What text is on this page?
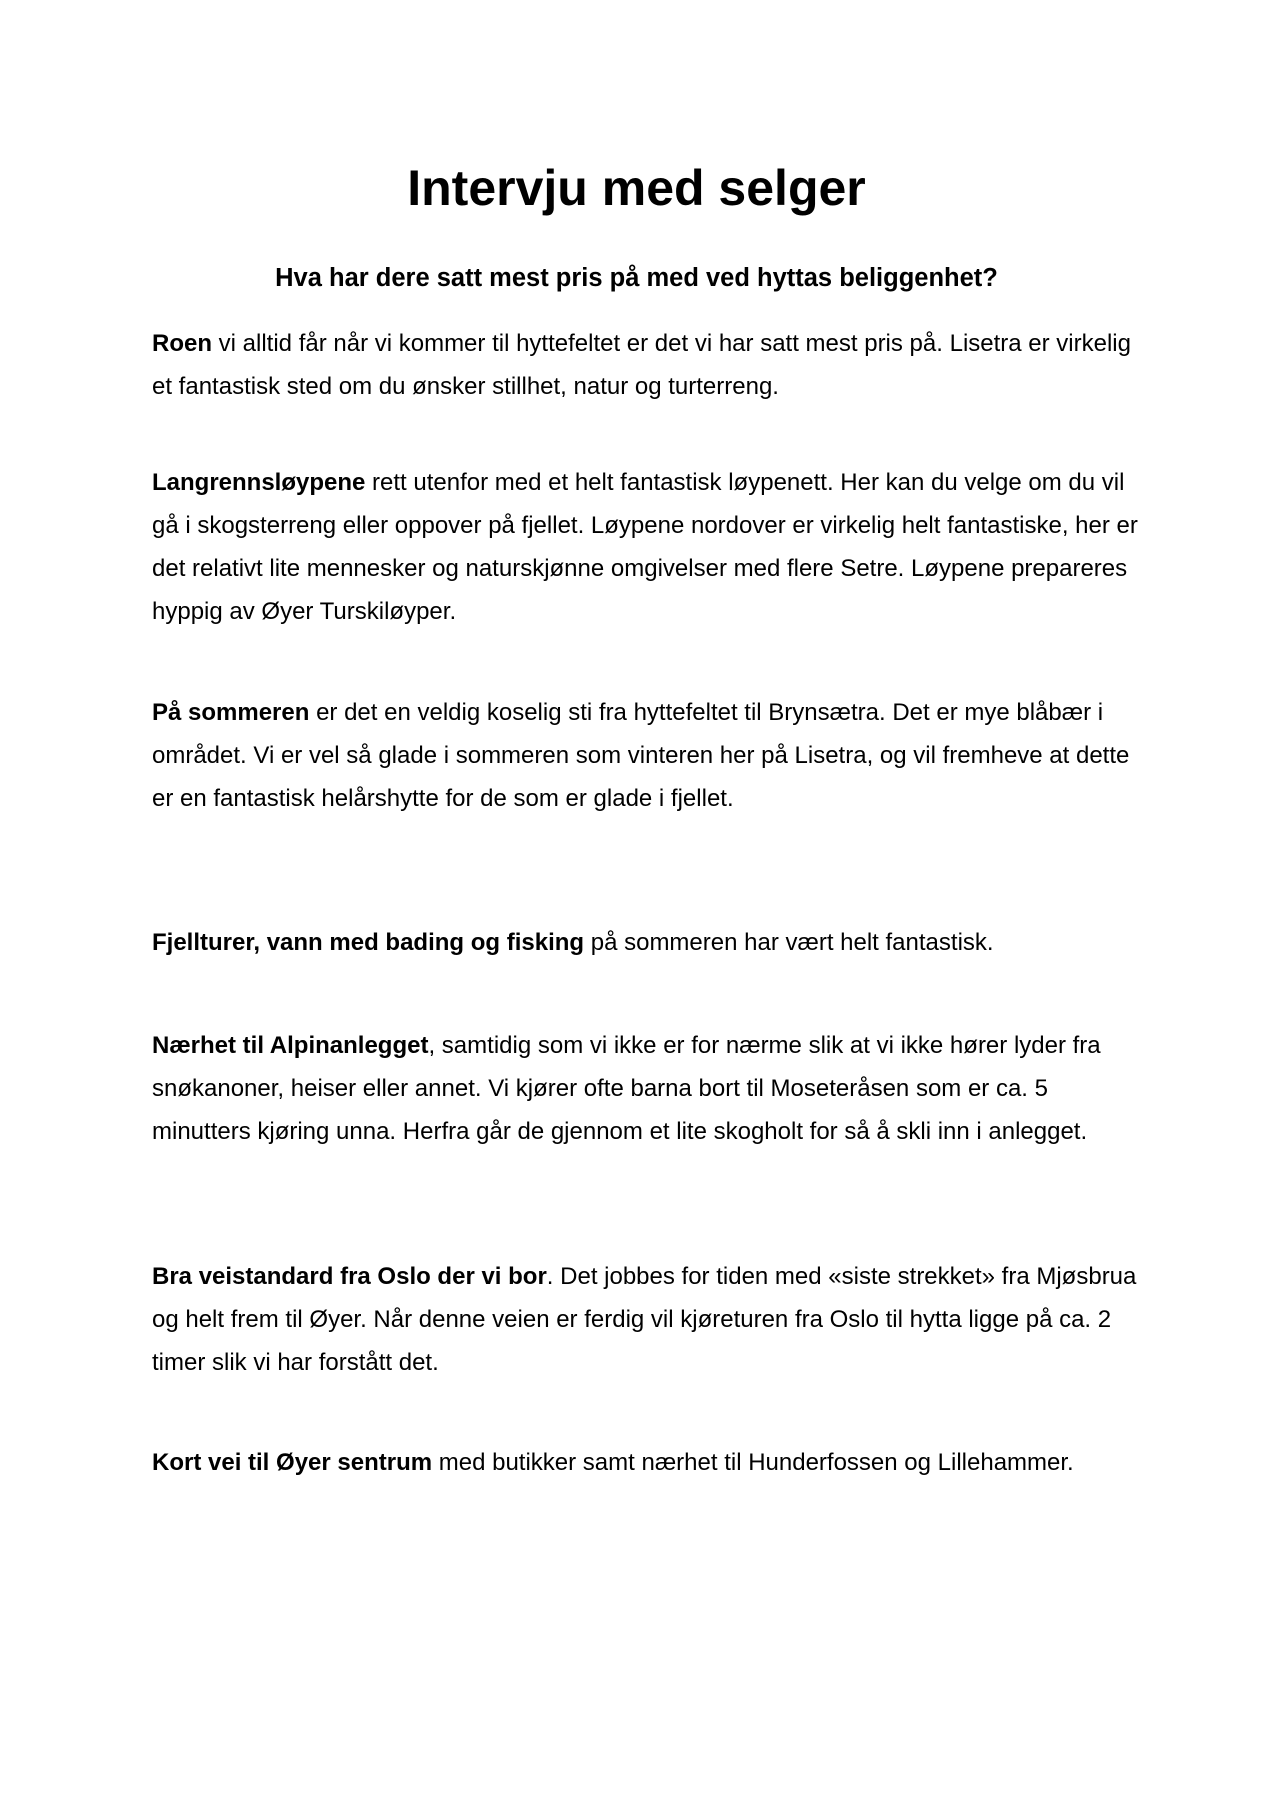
Intervju med selger
Hva har dere satt mest pris på med ved hyttas beliggenhet?

Roen vi alltid får når vi kommer til hyttefeltet er det vi har satt mest pris på. Lisetra er virkelig et fantastisk sted om du ønsker stillhet, natur og turterreng.

Langrennsløypene rett utenfor med et helt fantastisk løypenett. Her kan du velge om du vil gå i skogsterreng eller oppover på fjellet. Løypene nordover er virkelig helt fantastiske, her er det relativt lite mennesker og naturskjønne omgivelser med flere Setre. Løypene prepareres hyppig av Øyer Turskiløyper.

På sommeren er det en veldig koselig sti fra hyttefeltet til Brynsætra. Det er mye blåbær i området. Vi er vel så glade i sommeren som vinteren her på Lisetra, og vil fremheve at dette er en fantastisk helårshytte for de som er glade i fjellet.

Fjellturer, vann med bading og fisking på sommeren har vært helt fantastisk.

Nærhet til Alpinanlegget, samtidig som vi ikke er for nærme slik at vi ikke hører lyder fra snøkanoner, heiser eller annet. Vi kjører ofte barna bort til Moseteråsen som er ca. 5 minutters kjøring unna. Herfra går de gjennom et lite skogholt for så å skli inn i anlegget.

Bra veistandard fra Oslo der vi bor. Det jobbes for tiden med «siste strekket» fra Mjøsbrua og helt frem til Øyer. Når denne veien er ferdig vil kjøreturen fra Oslo til hytta ligge på ca. 2 timer slik vi har forstått det.

Kort vei til Øyer sentrum med butikker samt nærhet til Hunderfossen og Lillehammer.
